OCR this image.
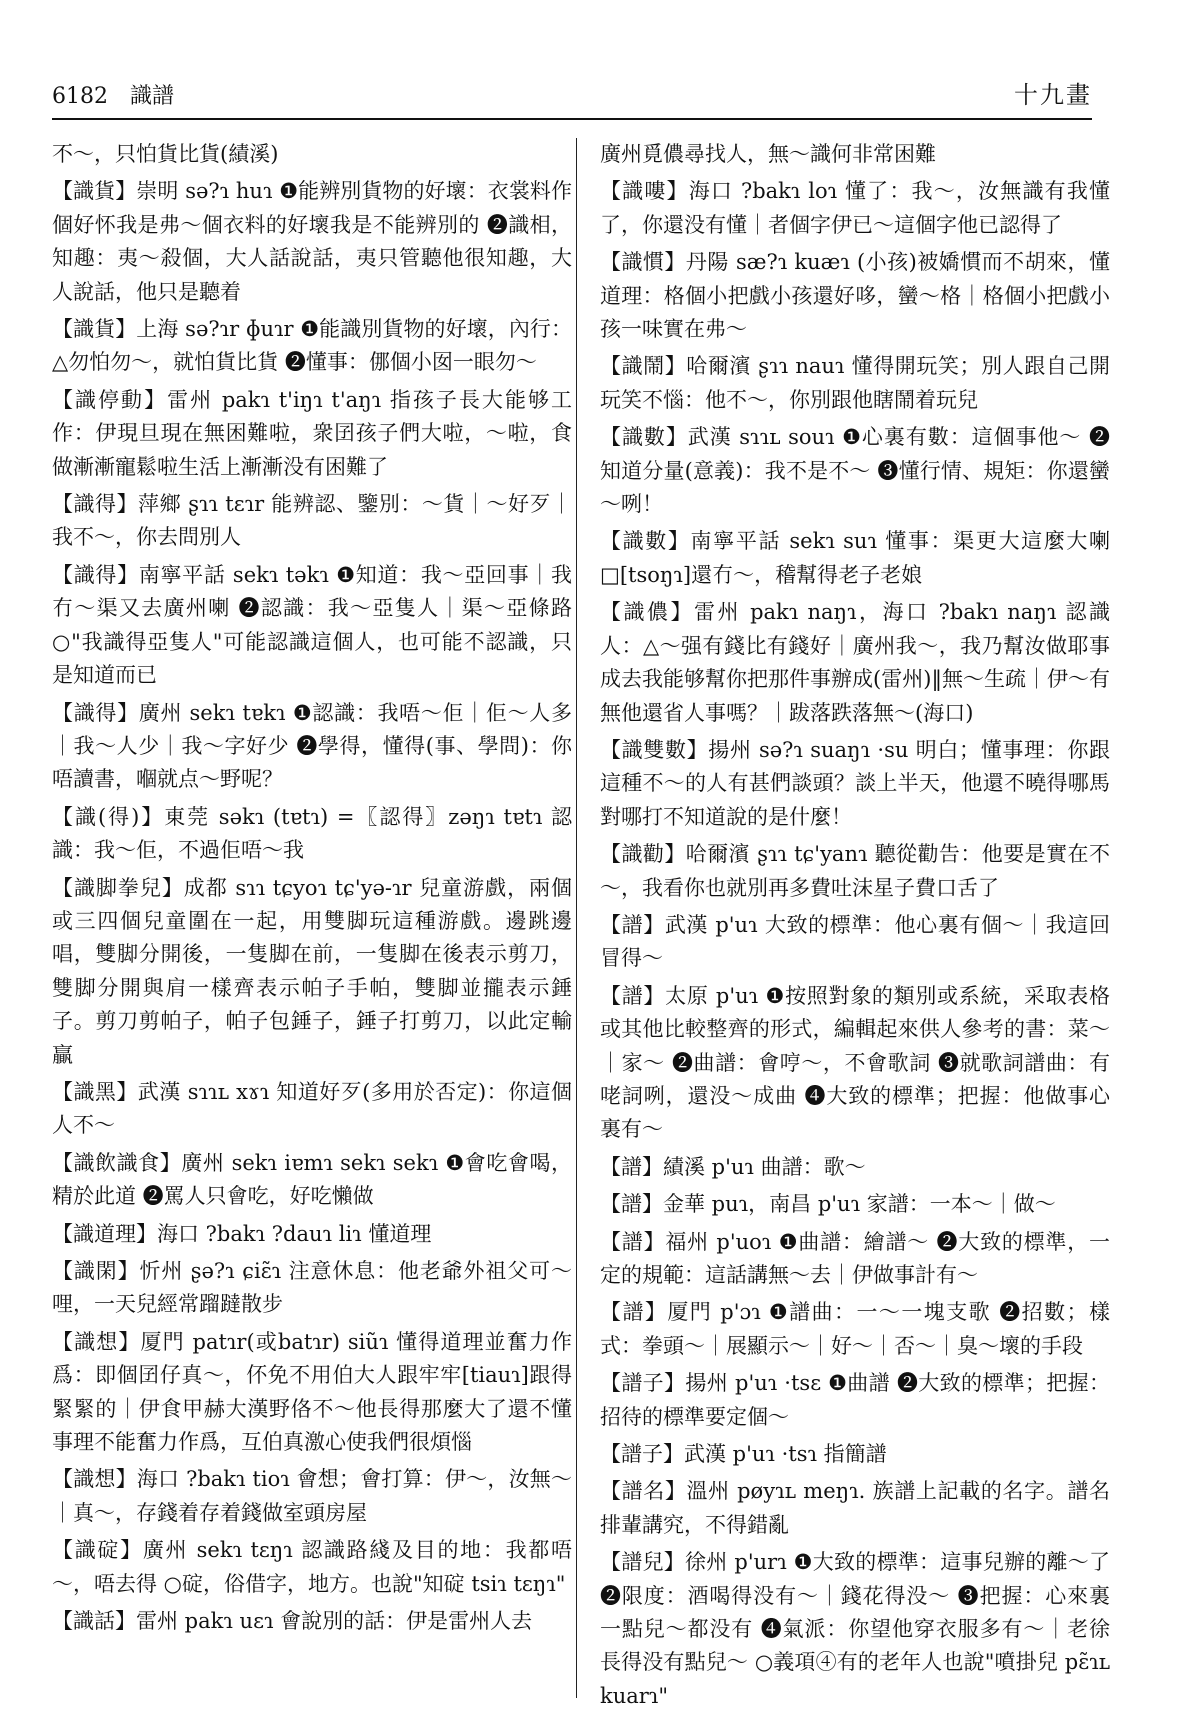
6182 識譜	十九畫

不～，只怕貨比貨(績溪)

【識貨】崇明 sə?ɿ huɿ ❶能辨別貨物的好壞：衣裳料作個好怀我是弗～個衣料的好壞我是不能辨別的 ❷識相，知趣：夷～殺個，大人話說話，夷只管聽他很知趣，大人說話，他只是聽着

【識貨】上海 sə?ɿr ɸuɿr ❶能識別貨物的好壞，內行：△勿怕勿～，就怕貨比貨 ❷懂事：㑚個小囡一眼勿～

【識停動】雷州 pakɿ t'iŋɿ t'aŋɿ 指孩子長大能够工作：伊現旦現在無困難啦，衆囝孩子們大啦，～啦，食做漸漸寵鬆啦生活上漸漸没有困難了

【識得】萍鄉 ʂɿɿ tɛɿr 能辨認、鑒別：～貨｜～好歹｜我不～，你去問別人

【識得】南寧平話 sekɿ tәkɿ ❶知道：我～亞回事｜我冇～渠又去廣州喇 ❷認識：我～亞隻人｜渠～亞條路 ○"我識得亞隻人"可能認識這個人，也可能不認識，只是知道而已

【識得】廣州 sekɿ tɐkɿ ❶認識：我唔～佢｜佢～人多｜我～人少｜我～字好少 ❷學得，懂得(事、學問)：你唔讀書，嗰就点～野呢？

【識(得)】東莞 səkɿ (tɐtɿ) =〖認得〗zəŋɿ tɐtɿ 認識：我～佢，不過佢唔～我

【識脚拳兒】成都 sɿɿ tɕyoɿ tɕ'yə-ɿr 兒童游戲，兩個或三四個兒童圍在一起，用雙脚玩這種游戲。邊跳邊唱，雙脚分開後，一隻脚在前，一隻脚在後表示剪刀，雙脚分開與肩一樣齊表示帕子手帕，雙脚並攏表示錘子。剪刀剪帕子，帕子包錘子，錘子打剪刀，以此定輸贏

【識黑】武漢 sɿɿʟ xɤɿ 知道好歹(多用於否定)：你這個人不～

【識飲識食】廣州 sekɿ iɐmɿ sekɿ sekɿ ❶會吃會喝，精於此道 ❷罵人只會吃，好吃懶做

【識道理】海口 ?bakɿ ?dauɿ liɿ 懂道理

【識閑】忻州 ʂə?ɿ ɕiɛ̃ɿ 注意休息：他老爺外祖父可～哩，一天兒經常蹓躂散步

【識想】厦門 patɿr(或batɿr) siũɿ 懂得道理並奮力作爲：即個囝仔真～，伓免不用伯大人跟牢牢[tiauɿ]跟得緊緊的｜伊食甲赫大漢野佫不～他長得那麼大了還不懂事理不能奮力作爲，互伯真激心使我們很煩惱

【識想】海口 ?bakɿ tioɿ 會想；會打算：伊～，汝無～｜真～，存錢着存着錢做室頭房屋

【識碇】廣州 sekɿ tɛŋɿ 認識路綫及目的地：我都唔～，唔去得 ○碇，俗借字，地方。也說"知碇 tsiɿ tɛŋɿ"

【識話】雷州 pakɿ uɛɿ 會說別的話：伊是雷州人去

廣州覓儂尋找人，無～識何非常困難

【識嘍】海口 ?bakɿ loɿ 懂了：我～，汝無識有我懂了，你還没有懂｜者個字伊已～這個字他已認得了

【識慣】丹陽 sæ?ɿ kuæɿ (小孩)被嬌慣而不胡來，懂道理：格個小把戲小孩還好哆，蠻～格｜格個小把戲小孩一味實在弗～

【識鬧】哈爾濱 ʂɿɿ nauɿ 懂得開玩笑；別人跟自己開玩笑不惱：他不～，你別跟他瞎鬧着玩兒

【識數】武漢 sɿɿʟ souɿ ❶心裏有數：這個事他～ ❷知道分量(意義)：我不是不～ ❸懂行情、規矩：你還蠻～咧！

【識數】南寧平話 sekɿ suɿ 懂事：渠更大這麼大喇□[tsoŋɿ]還冇～，稽幫得老子老娘

【識儂】雷州 pakɿ naŋɿ，海口 ?bakɿ naŋɿ 認識人：△～强有錢比有錢好｜廣州我～，我乃幫汝做耶事成去我能够幫你把那件事辦成(雷州)‖無～生疏｜伊～有無他還省人事嗎？｜跋落跌落無～(海口)

【識雙數】揚州 sə?ɿ suaŋɿ ·su 明白；懂事理：你跟這種不～的人有甚們談頭？談上半天，他還不曉得哪馬對哪打不知道說的是什麼！

【識勸】哈爾濱 ʂɿɿ tɕ'yanɿ 聽從勸告：他要是實在不～，我看你也就別再多費吐沫星子費口舌了

【譜】武漢 p'uɿ 大致的標準：他心裏有個～｜我這回冒得～

【譜】太原 p'uɿ ❶按照對象的類別或系統，采取表格或其他比較整齊的形式，編輯起來供人參考的書：菜～｜家～ ❷曲譜：會哼～，不會歌詞 ❸就歌詞譜曲：有咾詞咧，還没～成曲 ❹大致的標準；把握：他做事心裏有～

【譜】績溪 p'uɿ 曲譜：歌～

【譜】金華 puɿ，南昌 p'uɿ 家譜：一本～｜做～

【譜】福州 p'uoɿ ❶曲譜：繪譜～ ❷大致的標準，一定的規範：這話講無～去｜伊做事計有～

【譜】厦門 p'ɔɿ ❶譜曲：一～一塊支歌 ❷招數；樣式：拳頭～｜展顯示～｜好～｜否～｜臭～壞的手段

【譜子】揚州 p'uɿ ·tsɛ ❶曲譜 ❷大致的標準；把握：招待的標準要定個～

【譜子】武漢 p'uɿ ·tsɿ 指簡譜

【譜名】溫州 pøyɿʟ meŋɿ. 族譜上記載的名字。譜名排輩講究，不得錯亂

【譜兒】徐州 p'urɿ ❶大致的標準：這事兒辦的離～了 ❷限度：酒喝得没有～｜錢花得没～ ❸把握：心來裏一點兒～都没有 ❹氣派：你望他穿衣服多有～｜老徐長得没有點兒～ ○義項④有的老年人也說"噴掛兒 pɛ̃ɿʟ kuarɿ"
